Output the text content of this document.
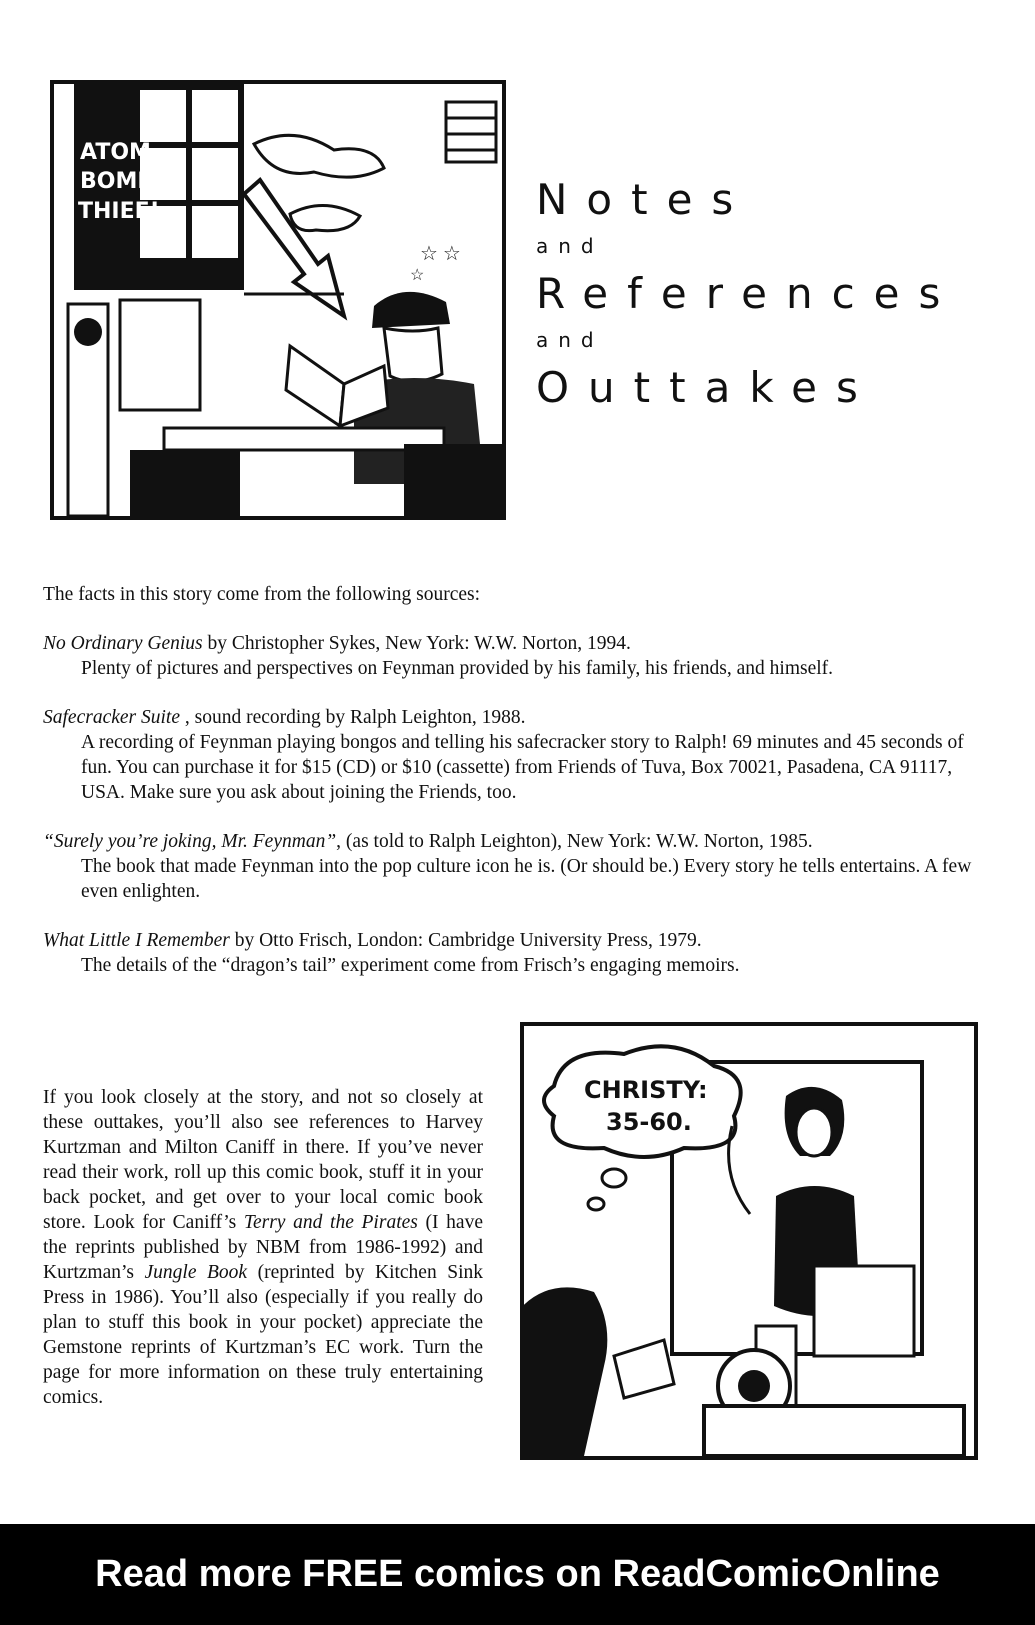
ATOM
BOMB
THIEF!
☆ ☆
☆
Notes
and
References
and
Outtakes

The facts in this story come from the following sources:

No Ordinary Genius by Christopher Sykes, New York: W.W. Norton, 1994.

Plenty of pictures and perspectives on Feynman provided by his family, his friends, and himself.

Safecracker Suite , sound recording by Ralph Leighton, 1988.

A recording of Feynman playing bongos and telling his safecracker story to Ralph! 69 minutes and 45 seconds of fun. You can purchase it for $15 (CD) or $10 (cassette) from Friends of Tuva, Box 70021, Pasadena, CA 91117, USA. Make sure you ask about joining the Friends, too.

“Surely you’re joking, Mr. Feynman”, (as told to Ralph Leighton), New York: W.W. Norton, 1985.

The book that made Feynman into the pop culture icon he is. (Or should be.) Every story he tells entertains. A few even enlighten.

What Little I Remember by Otto Frisch, London: Cambridge University Press, 1979.

The details of the “dragon’s tail” experiment come from Frisch’s engaging memoirs.

If you look closely at the story, and not so closely at these outtakes, you’ll also see references to Harvey Kurtzman and Milton Caniff in there. If you’ve never read their work, roll up this comic book, stuff it in your back pocket, and get over to your local comic book store. Look for Caniff’s Terry and the Pirates (I have the reprints published by NBM from 1986-1992) and Kurtzman’s Jungle Book (reprinted by Kitchen Sink Press in 1986). You’ll also (especially if you really do plan to stuff this book in your pocket) appreciate the Gemstone reprints of Kurtzman’s EC work. Turn the page for more information on these truly entertaining comics.
CHRISTY:
35-60.
Read more FREE comics on ReadComicOnline
